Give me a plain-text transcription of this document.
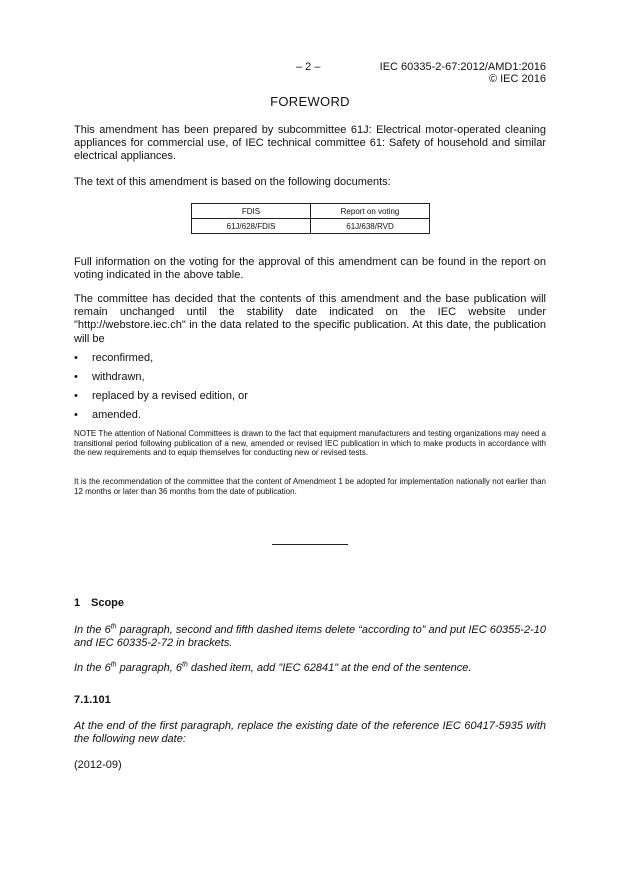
– 2 –	IEC 60335-2-67:2012/AMD1:2016
© IEC 2016
FOREWORD
This amendment has been prepared by subcommittee 61J: Electrical motor-operated cleaning appliances for commercial use, of IEC technical committee 61: Safety of household and similar electrical appliances.
The text of this amendment is based on the following documents:
FDIS	Report on voting
61J/628/FDIS	61J/638/RVD
Full information on the voting for the approval of this amendment can be found in the report on voting indicated in the above table.
The committee has decided that the contents of this amendment and the base publication will remain unchanged until the stability date indicated on the IEC website under "http://webstore.iec.ch" in the data related to the specific publication. At this date, the publication will be
• reconfirmed,
• withdrawn,
• replaced by a revised edition, or
• amended.
NOTE The attention of National Committees is drawn to the fact that equipment manufacturers and testing organizations may need a transitional period following publication of a new, amended or revised IEC publication in which to make products in accordance with the new requirements and to equip themselves for conducting new or revised tests.
It is the recommendation of the committee that the content of Amendment 1 be adopted for implementation nationally not earlier than 12 months or later than 36 months from the date of publication.
1 Scope
In the 6th paragraph, second and fifth dashed items delete “according to” and put IEC 60355-2-10 and IEC 60335-2-72 in brackets.
In the 6th paragraph, 6th dashed item, add "IEC 62841" at the end of the sentence.
7.1.101
At the end of the first paragraph, replace the existing date of the reference IEC 60417-5935 with the following new date:
(2012-09)
